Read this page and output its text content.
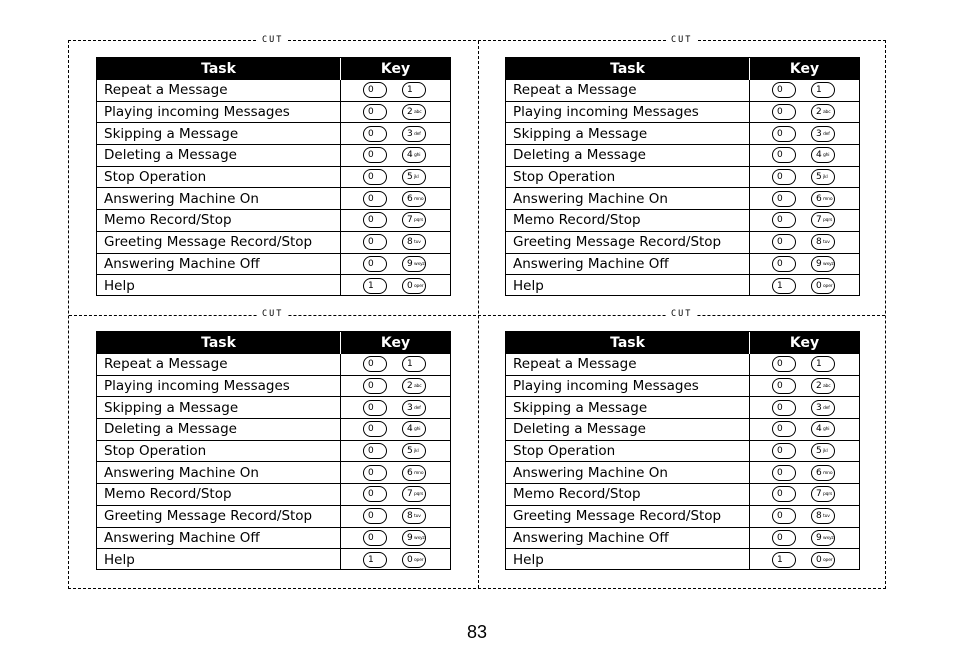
CUT	CUT
CUT	CUT
Task	Key
Repeat a Message	0 1

Playing incoming Messages	0 2 abc

Skipping a Message	0 3 def

Deleting a Message	0 4 ghi

Stop Operation	0 5 jkl

Answering Machine On	0 6 mno

Memo Record/Stop	0 7 pqrs

Greeting Message Record/Stop	0 8 tuv

Answering Machine Off	0 9 wxyz

Help	1 0 oper
Task	Key
Repeat a Message	0 1

Playing incoming Messages	0 2 abc

Skipping a Message	0 3 def

Deleting a Message	0 4 ghi

Stop Operation	0 5 jkl

Answering Machine On	0 6 mno

Memo Record/Stop	0 7 pqrs

Greeting Message Record/Stop	0 8 tuv

Answering Machine Off	0 9 wxyz

Help	1 0 oper
Task	Key
Repeat a Message	0 1

Playing incoming Messages	0 2 abc

Skipping a Message	0 3 def

Deleting a Message	0 4 ghi

Stop Operation	0 5 jkl

Answering Machine On	0 6 mno

Memo Record/Stop	0 7 pqrs

Greeting Message Record/Stop	0 8 tuv

Answering Machine Off	0 9 wxyz

Help	1 0 oper
Task	Key
Repeat a Message	0 1

Playing incoming Messages	0 2 abc

Skipping a Message	0 3 def

Deleting a Message	0 4 ghi

Stop Operation	0 5 jkl

Answering Machine On	0 6 mno

Memo Record/Stop	0 7 pqrs

Greeting Message Record/Stop	0 8 tuv

Answering Machine Off	0 9 wxyz

Help	1 0 oper
83
